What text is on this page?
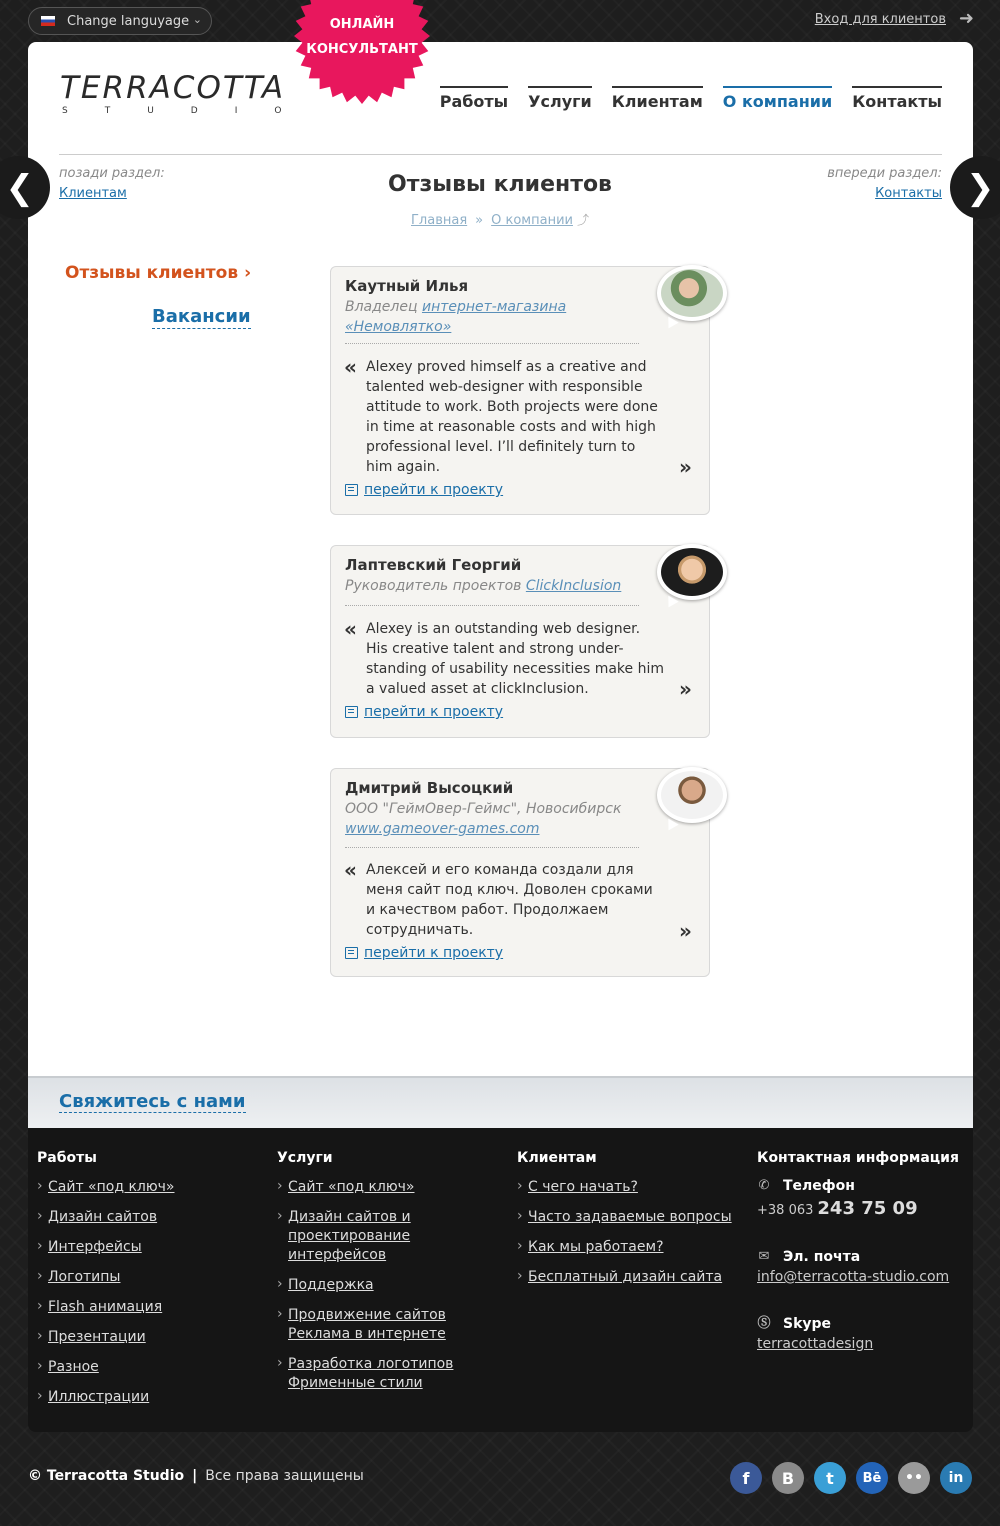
Change languyage ⌄	Вход для клиентов ➜
TERRACOTTA
STUDIO
ОНЛАЙН
КОНСУЛЬТАНТ
Работы Услуги Клиентам О компании Контакты
❮	❯
позади раздел:
Клиентам
впереди раздел:
Контакты
Отзывы клиентов
Главная » О компании ⤴
Отзывы клиентов ›
Вакансии
Каутный Илья
Владелец интернет-магазина «Немовлятко»
« Alexey proved himself as a creative and talented web-designer with responsible attitude to work. Both projects were done in time at reasonable costs and with high professional level. I’ll definitely turn to him again.	»
перейти к проекту
Лаптевский Георгий
Руководитель проектов ClickInclusion
« Alexey is an outstanding web designer. His creative talent and strong under-standing of usability necessities make him a valued asset at clickInclusion.	»
перейти к проекту
Дмитрий Высоцкий
ООО "ГеймОвер-Геймс", Новосибирск
www.gameover-games.com
« Алексей и его команда создали для меня сайт под ключ. Доволен сроками и качеством работ. Продолжаем сотрудничать.	»
перейти к проекту
Свяжитесь с нами
Работы
› Сайт «под ключ»
› Дизайн сайтов
› Интерфейсы
› Логотипы
› Flash анимация
› Презентации
› Разное
› Иллюстрации
Услуги
› Сайт «под ключ»
› Дизайн сайтов и проектирование интерфейсов
› Поддержка
› Продвижение сайтов Реклама в интернете
› Разработка логотипов Фрименные стили
Клиентам
› С чего начать?
› Часто задаваемые вопросы
› Как мы работаем?
› Бесплатный дизайн сайта
Контактная информация
✆ Телефон
+38 063 243 75 09
✉ Эл. почта
info@terracotta-studio.com
Ⓢ Skype
terracottadesign
© Terracotta Studio | Все права защищены	f	B	t	Bē	••	in
